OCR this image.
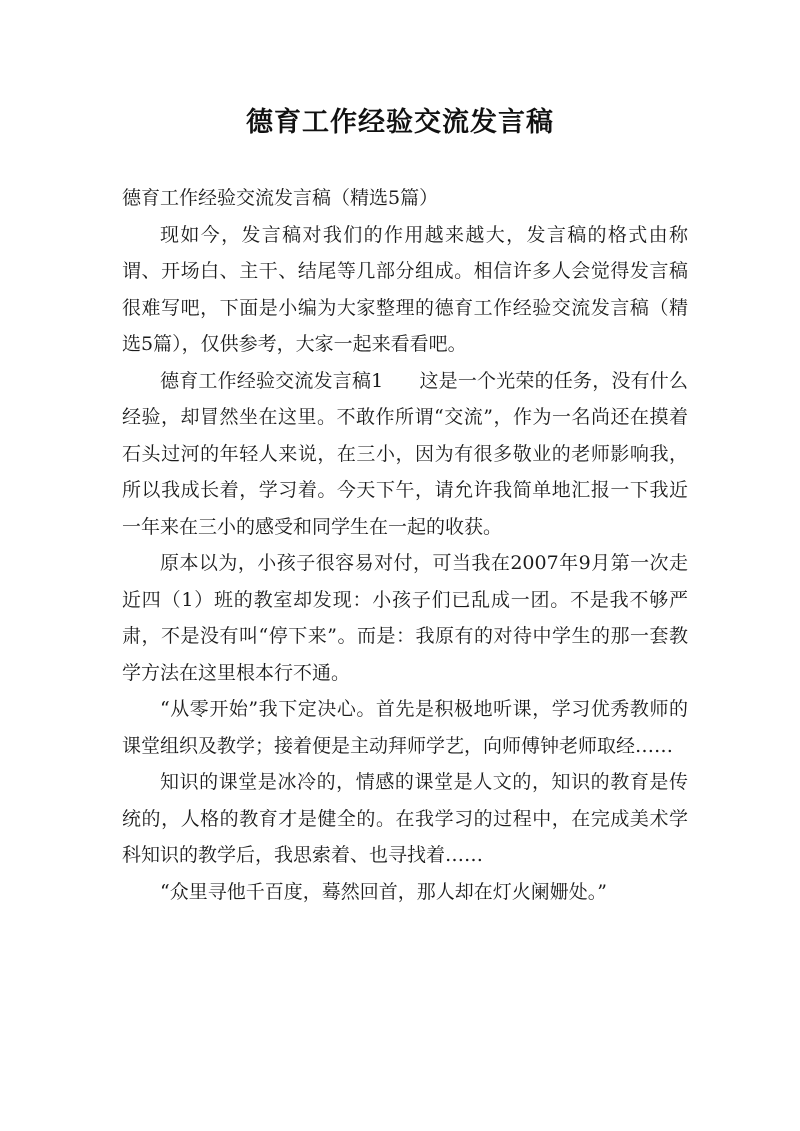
德育工作经验交流发言稿

德育工作经验交流发言稿（精选5篇）

现如今，发言稿对我们的作用越来越大，发言稿的格式由称谓、开场白、主干、结尾等几部分组成。相信许多人会觉得发言稿很难写吧，下面是小编为大家整理的德育工作经验交流发言稿（精选5篇），仅供参考，大家一起来看看吧。

德育工作经验交流发言稿1 这是一个光荣的任务，没有什么经验，却冒然坐在这里。不敢作所谓“交流”，作为一名尚还在摸着石头过河的年轻人来说，在三小，因为有很多敬业的老师影响我，所以我成长着，学习着。今天下午，请允许我简单地汇报一下我近一年来在三小的感受和同学生在一起的收获。

原本以为，小孩子很容易对付，可当我在2007年9月第一次走近四（1）班的教室却发现：小孩子们已乱成一团。不是我不够严肃，不是没有叫“停下来”。而是：我原有的对待中学生的那一套教学方法在这里根本行不通。

“从零开始”我下定决心。首先是积极地听课，学习优秀教师的课堂组织及教学；接着便是主动拜师学艺，向师傅钟老师取经……

知识的课堂是冰冷的，情感的课堂是人文的，知识的教育是传统的，人格的教育才是健全的。在我学习的过程中，在完成美术学科知识的教学后，我思索着、也寻找着……

“众里寻他千百度，蓦然回首，那人却在灯火阑姗处。”
